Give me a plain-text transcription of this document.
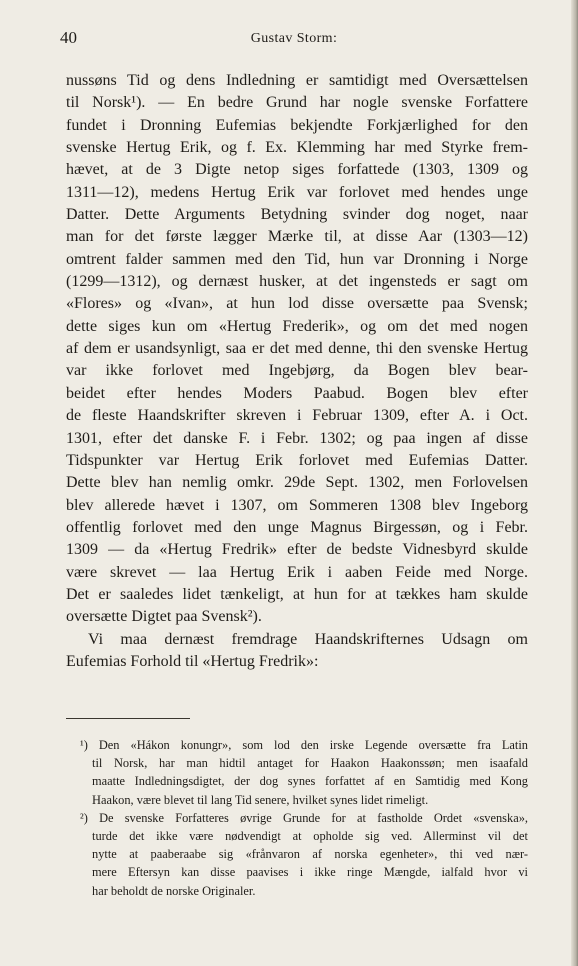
40	Gustav Storm:
nussøns Tid og dens Indledning er samtidigt med Oversættelsen
til Norsk¹). — En bedre Grund har nogle svenske Forfattere
fundet i Dronning Eufemias bekjendte Forkjærlighed for den
svenske Hertug Erik, og f. Ex. Klemming har med Styrke frem-
hævet, at de 3 Digte netop siges forfattede (1303, 1309 og
1311—12), medens Hertug Erik var forlovet med hendes unge
Datter. Dette Arguments Betydning svinder dog noget, naar
man for det første lægger Mærke til, at disse Aar (1303—12)
omtrent falder sammen med den Tid, hun var Dronning i Norge
(1299—1312), og dernæst husker, at det ingensteds er sagt om
«Flores» og «Ivan», at hun lod disse oversætte paa Svensk;
dette siges kun om «Hertug Frederik», og om det med nogen
af dem er usandsynligt, saa er det med denne, thi den svenske Hertug
var ikke forlovet med Ingebjørg, da Bogen blev bear-
beidet efter hendes Moders Paabud. Bogen blev efter
de fleste Haandskrifter skreven i Februar 1309, efter A. i Oct.
1301, efter det danske F. i Febr. 1302; og paa ingen af disse
Tidspunkter var Hertug Erik forlovet med Eufemias Datter.
Dette blev han nemlig omkr. 29de Sept. 1302, men Forlovelsen
blev allerede hævet i 1307, om Sommeren 1308 blev Ingeborg
offentlig forlovet med den unge Magnus Birgessøn, og i Febr.
1309 — da «Hertug Fredrik» efter de bedste Vidnesbyrd skulde
være skrevet — laa Hertug Erik i aaben Feide med Norge.
Det er saaledes lidet tænkeligt, at hun for at tækkes ham skulde
oversætte Digtet paa Svensk²).
Vi maa dernæst fremdrage Haandskrifternes Udsagn om
Eufemias Forhold til «Hertug Fredrik»:
¹) Den «Hákon konungr», som lod den irske Legende oversætte fra Latin
til Norsk, har man hidtil antaget for Haakon Haakonssøn; men isaafald
maatte Indledningsdigtet, der dog synes forfattet af en Samtidig med Kong
Haakon, være blevet til lang Tid senere, hvilket synes lidet rimeligt.
²) De svenske Forfatteres øvrige Grunde for at fastholde Ordet «svenska»,
turde det ikke være nødvendigt at opholde sig ved. Allerminst vil det
nytte at paaberaabe sig «frånvaron af norska egenheter», thi ved nær-
mere Eftersyn kan disse paavises i ikke ringe Mængde, ialfald hvor vi
har beholdt de norske Originaler.
